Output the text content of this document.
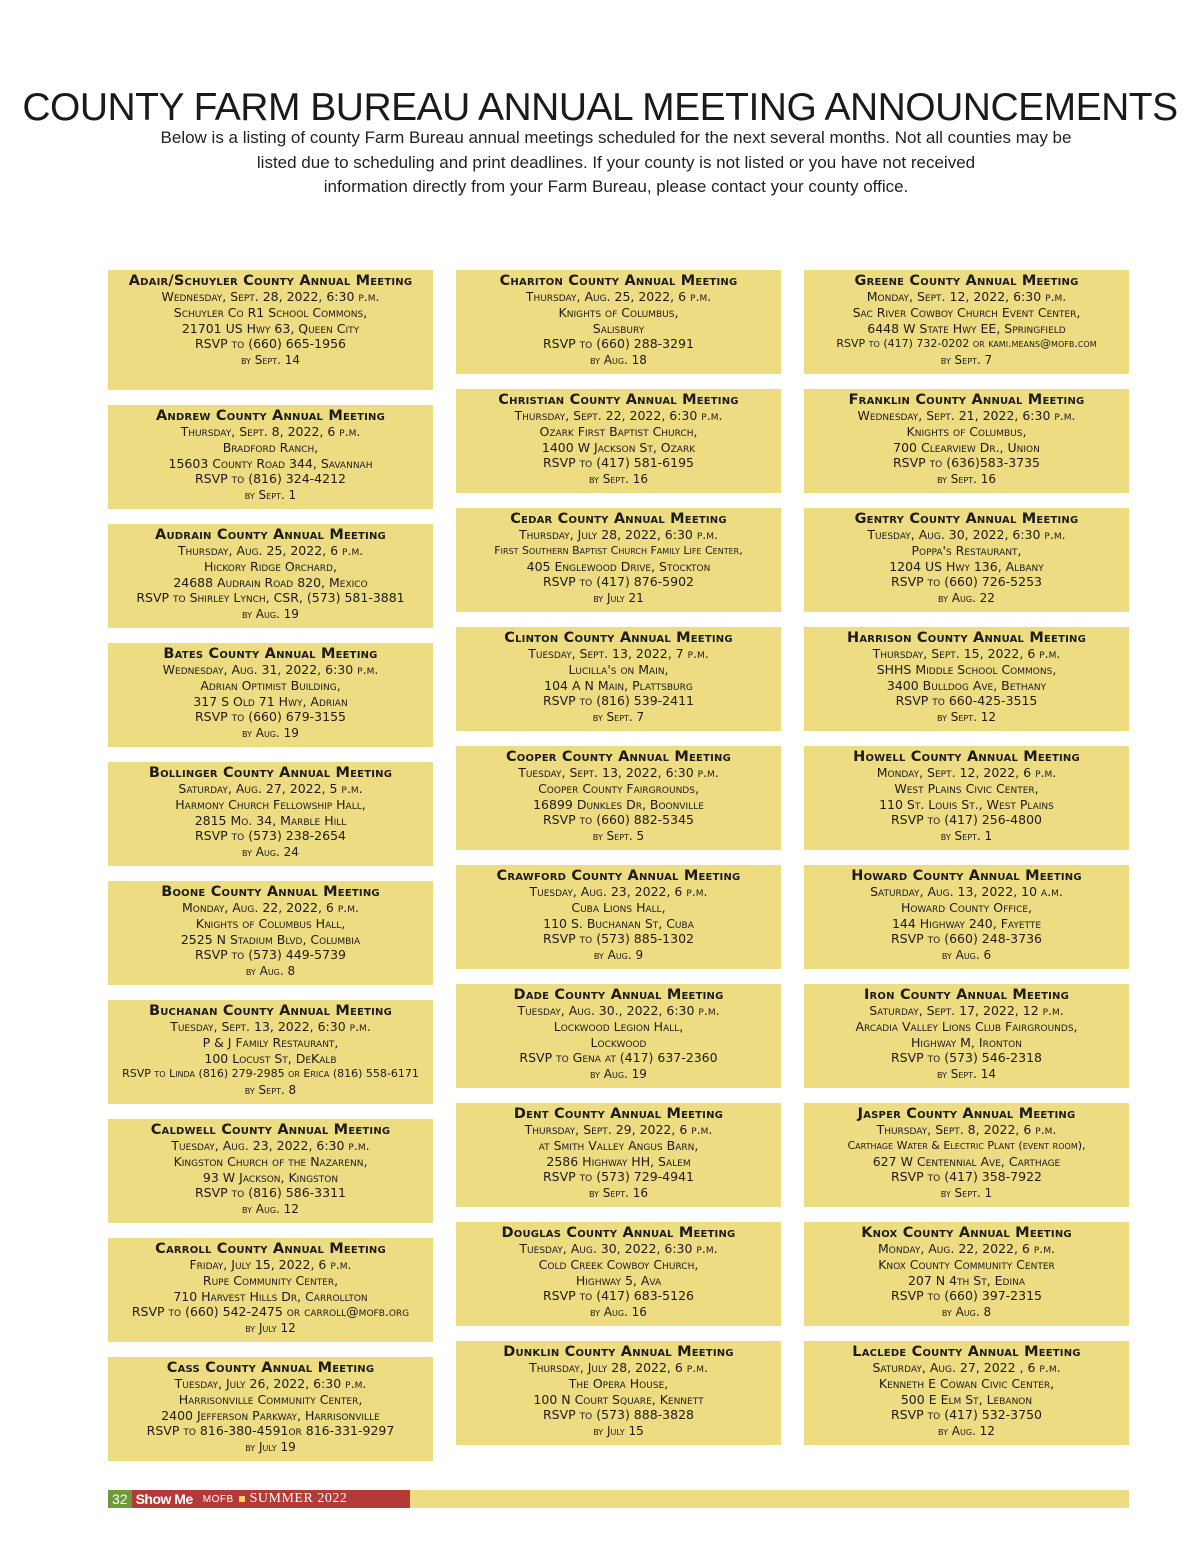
COUNTY FARM BUREAU ANNUAL MEETING ANNOUNCEMENTS
Below is a listing of county Farm Bureau annual meetings scheduled for the next several months. Not all counties may be
listed due to scheduling and print deadlines. If your county is not listed or you have not received
information directly from your Farm Bureau, please contact your county office.
Adair/Schuyler County Annual Meeting
Wednesday, Sept. 28, 2022, 6:30 p.m.
Schuyler Co R1 School Commons,
21701 US Hwy 63, Queen City
RSVP to (660) 665-1956
by Sept. 14
Andrew County Annual Meeting
Thursday, Sept. 8, 2022, 6 p.m.
Bradford Ranch,
15603 County Road 344, Savannah
RSVP to (816) 324-4212
by Sept. 1
Audrain County Annual Meeting
Thursday, Aug. 25, 2022, 6 p.m.
Hickory Ridge Orchard,
24688 Audrain Road 820, Mexico
RSVP to Shirley Lynch, CSR, (573) 581-3881
by Aug. 19
Bates County Annual Meeting
Wednesday, Aug. 31, 2022, 6:30 p.m.
Adrian Optimist Building,
317 S Old 71 Hwy, Adrian
RSVP to (660) 679-3155
by Aug. 19
Bollinger County Annual Meeting
Saturday, Aug. 27, 2022, 5 p.m.
Harmony Church Fellowship Hall,
2815 Mo. 34, Marble Hill
RSVP to (573) 238-2654
by Aug. 24
Boone County Annual Meeting
Monday, Aug. 22, 2022, 6 p.m.
Knights of Columbus Hall,
2525 N Stadium Blvd, Columbia
RSVP to (573) 449-5739
by Aug. 8
Buchanan County Annual Meeting
Tuesday, Sept. 13, 2022, 6:30 p.m.
P & J Family Restaurant,
100 Locust St, DeKalb
RSVP to Linda (816) 279-2985 or Erica (816) 558-6171
by Sept. 8
Caldwell County Annual Meeting
Tuesday, Aug. 23, 2022, 6:30 p.m.
Kingston Church of the Nazarenn,
93 W Jackson, Kingston
RSVP to (816) 586-3311
by Aug. 12
Carroll County Annual Meeting
Friday, July 15, 2022, 6 p.m.
Rupe Community Center,
710 Harvest Hills Dr, Carrollton
RSVP to (660) 542-2475 or carroll@mofb.org
by July 12
Cass County Annual Meeting
Tuesday, July 26, 2022, 6:30 p.m.
Harrisonville Community Center,
2400 Jefferson Parkway, Harrisonville
RSVP to 816-380-4591or 816-331-9297
by July 19
Chariton County Annual Meeting
Thursday, Aug. 25, 2022, 6 p.m.
Knights of Columbus,
Salisbury
RSVP to (660) 288-3291
by Aug. 18
Christian County Annual Meeting
Thursday, Sept. 22, 2022, 6:30 p.m.
Ozark First Baptist Church,
1400 W Jackson St, Ozark
RSVP to (417) 581-6195
by Sept. 16
Cedar County Annual Meeting
Thursday, July 28, 2022, 6:30 p.m.
First Southern Baptist Church Family Life Center,
405 Englewood Drive, Stockton
RSVP to (417) 876-5902
by July 21
Clinton County Annual Meeting
Tuesday, Sept. 13, 2022, 7 p.m.
Lucilla's on Main,
104 A N Main, Plattsburg
RSVP to (816) 539-2411
by Sept. 7
Cooper County Annual Meeting
Tuesday, Sept. 13, 2022, 6:30 p.m.
Cooper County Fairgrounds,
16899 Dunkles Dr, Boonville
RSVP to (660) 882-5345
by Sept. 5
Crawford County Annual Meeting
Tuesday, Aug. 23, 2022, 6 p.m.
Cuba Lions Hall,
110 S. Buchanan St, Cuba
RSVP to (573) 885-1302
by Aug. 9
Dade County Annual Meeting
Tuesday, Aug. 30., 2022, 6:30 p.m.
Lockwood Legion Hall,
Lockwood
RSVP to Gena at (417) 637-2360
by Aug. 19
Dent County Annual Meeting
Thursday, Sept. 29, 2022, 6 p.m.
at Smith Valley Angus Barn,
2586 Highway HH, Salem
RSVP to (573) 729-4941
by Sept. 16
Douglas County Annual Meeting
Tuesday, Aug. 30, 2022, 6:30 p.m.
Cold Creek Cowboy Church,
Highway 5, Ava
RSVP to (417) 683-5126
by Aug. 16
Dunklin County Annual Meeting
Thursday, July 28, 2022, 6 p.m.
The Opera House,
100 N Court Square, Kennett
RSVP to (573) 888-3828
by July 15
Greene County Annual Meeting
Monday, Sept. 12, 2022, 6:30 p.m.
Sac River Cowboy Church Event Center,
6448 W State Hwy EE, Springfield
RSVP to (417) 732-0202 or kami.means@mofb.com
by Sept. 7
Franklin County Annual Meeting
Wednesday, Sept. 21, 2022, 6:30 p.m.
Knights of Columbus,
700 Clearview Dr., Union
RSVP to (636)583-3735
by Sept. 16
Gentry County Annual Meeting
Tuesday, Aug. 30, 2022, 6:30 p.m.
Poppa's Restaurant,
1204 US Hwy 136, Albany
RSVP to (660) 726-5253
by Aug. 22
Harrison County Annual Meeting
Thursday, Sept. 15, 2022, 6 p.m.
SHHS Middle School Commons,
3400 Bulldog Ave, Bethany
RSVP to 660-425-3515
by Sept. 12
Howell County Annual Meeting
Monday, Sept. 12, 2022, 6 p.m.
West Plains Civic Center,
110 St. Louis St., West Plains
RSVP to (417) 256-4800
by Sept. 1
Howard County Annual Meeting
Saturday, Aug. 13, 2022, 10 a.m.
Howard County Office,
144 Highway 240, Fayette
RSVP to (660) 248-3736
by Aug. 6
Iron County Annual Meeting
Saturday, Sept. 17, 2022, 12 p.m.
Arcadia Valley Lions Club Fairgrounds,
Highway M, Ironton
RSVP to (573) 546-2318
by Sept. 14
Jasper County Annual Meeting
Thursday, Sept. 8, 2022, 6 p.m.
Carthage Water & Electric Plant (event room),
627 W Centennial Ave, Carthage
RSVP to (417) 358-7922
by Sept. 1
Knox County Annual Meeting
Monday, Aug. 22, 2022, 6 p.m.
Knox County Community Center
207 N 4th St, Edina
RSVP to (660) 397-2315
by Aug. 8
Laclede County Annual Meeting
Saturday, Aug. 27, 2022 , 6 p.m.
Kenneth E Cowan Civic Center,
500 E Elm St, Lebanon
RSVP to (417) 532-3750
by Aug. 12
32 Show Me MOFB SUMMER 2022
